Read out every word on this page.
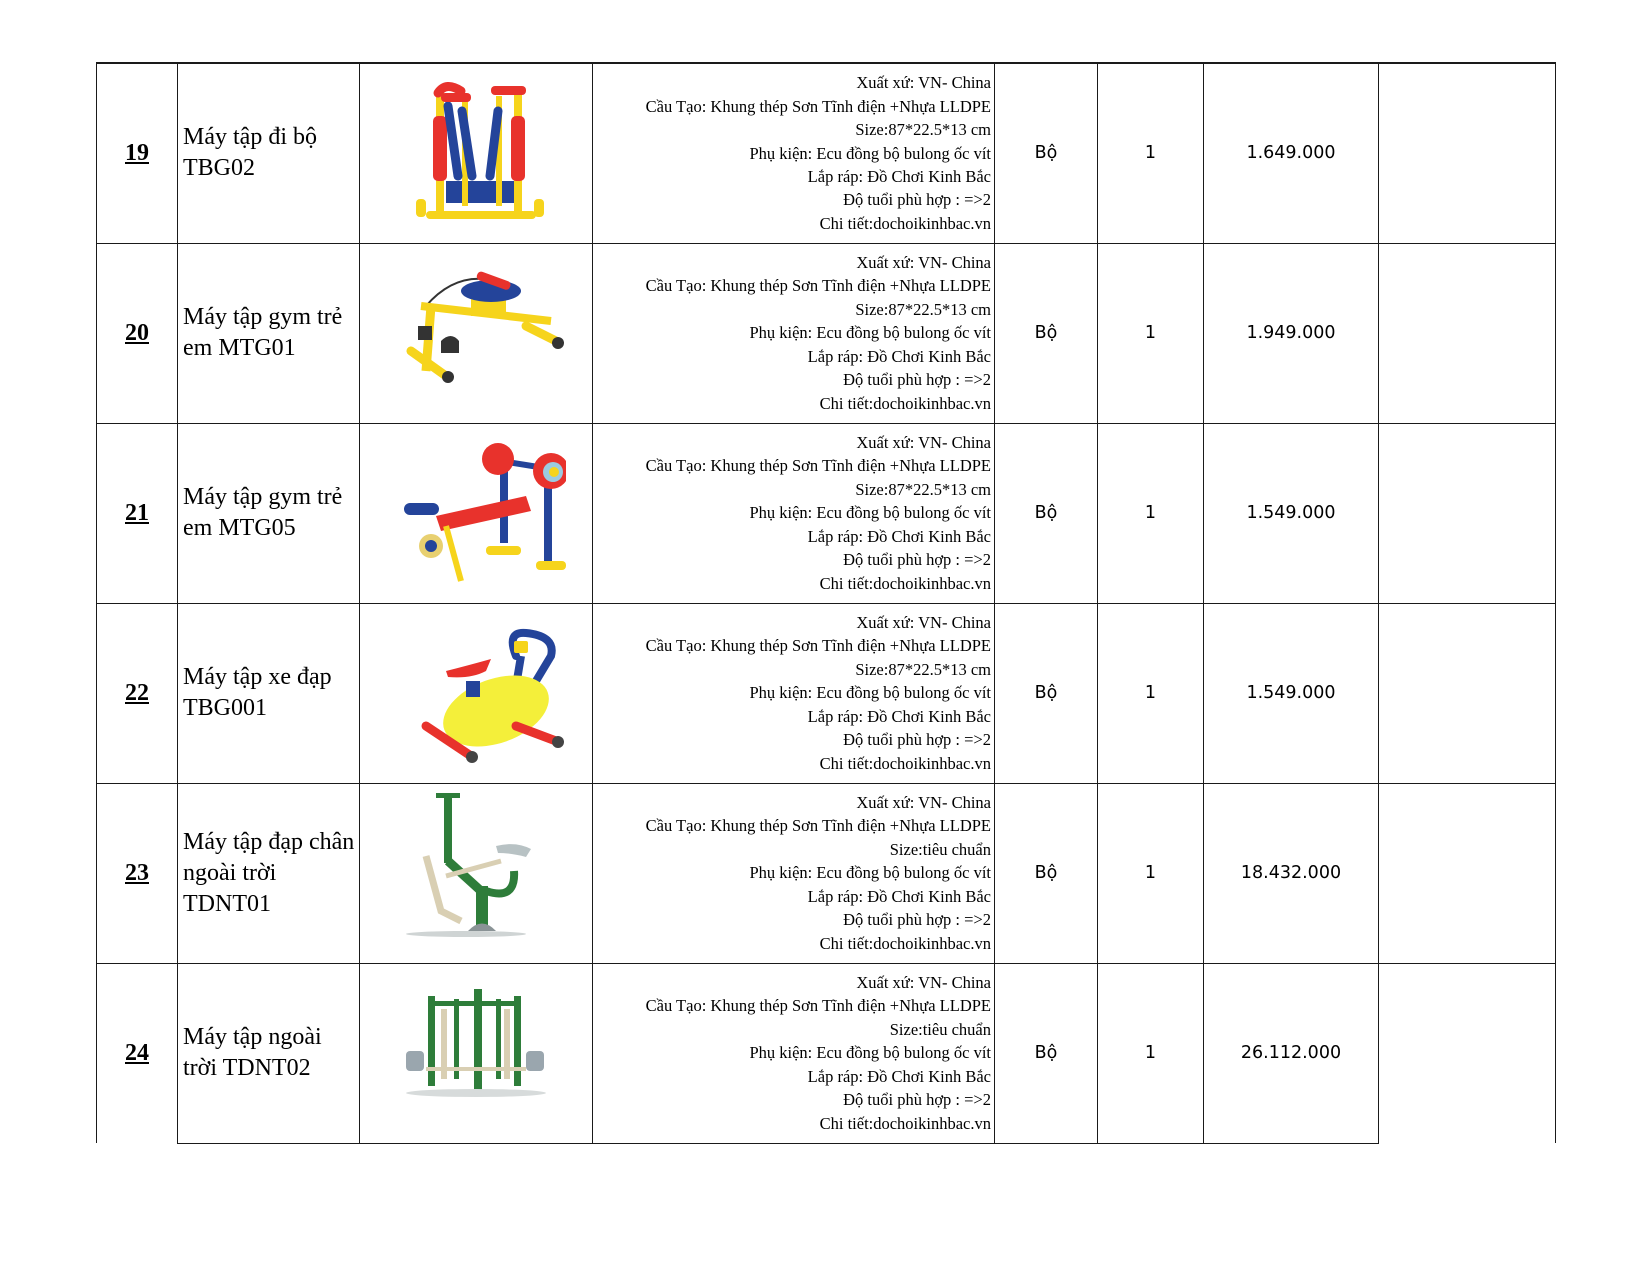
19	
Máy tập đi bộ TBG02

Xuất xứ: VN- China
Cầu Tạo: Khung thép Sơn Tĩnh điện +Nhựa LLDPE
Size:87*22.5*13 cm
Phụ kiện: Ecu đồng bộ bulong ốc vít
Lắp ráp: Đồ Chơi Kinh Bắc
Độ tuổi phù hợp : =>2
Chi tiết:dochoikinhbac.vn
	Bộ	1	1.649.000	
20	
Máy tập gym trẻ em MTG01

Xuất xứ: VN- China
Cầu Tạo: Khung thép Sơn Tĩnh điện +Nhựa LLDPE
Size:87*22.5*13 cm
Phụ kiện: Ecu đồng bộ bulong ốc vít
Lắp ráp: Đồ Chơi Kinh Bắc
Độ tuổi phù hợp : =>2
Chi tiết:dochoikinhbac.vn
	Bộ	1	1.949.000	
21	
Máy tập gym trẻ em MTG05

Xuất xứ: VN- China
Cầu Tạo: Khung thép Sơn Tĩnh điện +Nhựa LLDPE
Size:87*22.5*13 cm
Phụ kiện: Ecu đồng bộ bulong ốc vít
Lắp ráp: Đồ Chơi Kinh Bắc
Độ tuổi phù hợp : =>2
Chi tiết:dochoikinhbac.vn
	Bộ	1	1.549.000	
22	
Máy tập xe đạp TBG001

Xuất xứ: VN- China
Cầu Tạo: Khung thép Sơn Tĩnh điện +Nhựa LLDPE
Size:87*22.5*13 cm
Phụ kiện: Ecu đồng bộ bulong ốc vít
Lắp ráp: Đồ Chơi Kinh Bắc
Độ tuổi phù hợp : =>2
Chi tiết:dochoikinhbac.vn
	Bộ	1	1.549.000	
23	
Máy tập đạp chân ngoài trời TDNT01

Xuất xứ: VN- China
Cầu Tạo: Khung thép Sơn Tĩnh điện +Nhựa LLDPE
Size:tiêu chuẩn
Phụ kiện: Ecu đồng bộ bulong ốc vít
Lắp ráp: Đồ Chơi Kinh Bắc
Độ tuổi phù hợp : =>2
Chi tiết:dochoikinhbac.vn
	Bộ	1	18.432.000	
24	
Máy tập ngoài trời TDNT02

Xuất xứ: VN- China
Cầu Tạo: Khung thép Sơn Tĩnh điện +Nhựa LLDPE
Size:tiêu chuẩn
Phụ kiện: Ecu đồng bộ bulong ốc vít
Lắp ráp: Đồ Chơi Kinh Bắc
Độ tuổi phù hợp : =>2
Chi tiết:dochoikinhbac.vn
	Bộ	1	26.112.000	
